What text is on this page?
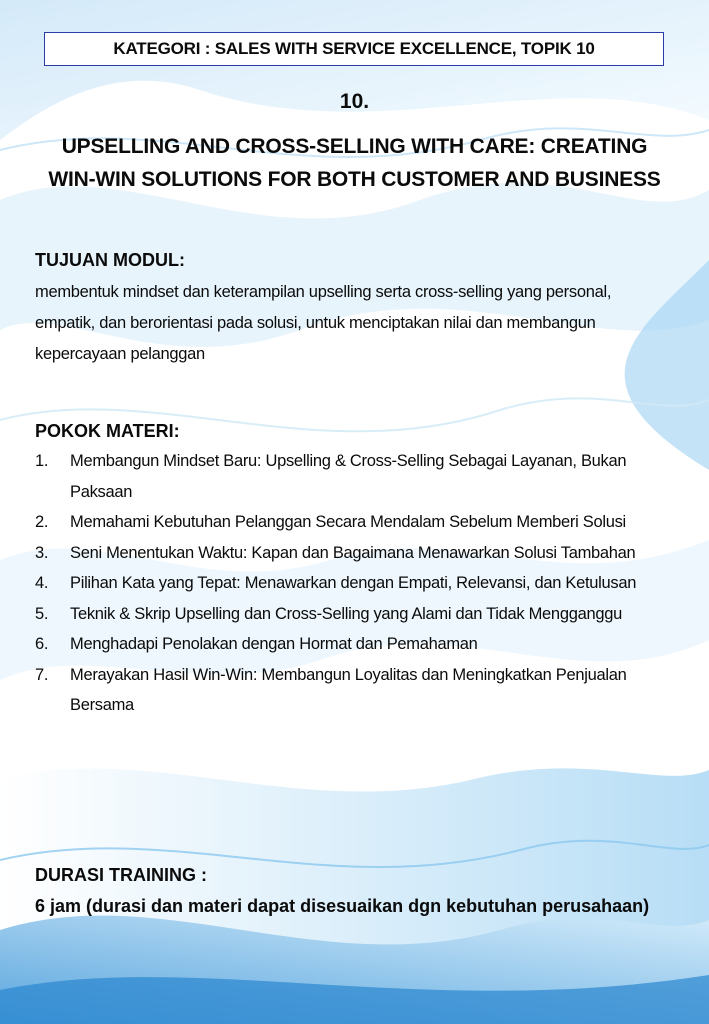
KATEGORI : SALES WITH SERVICE EXCELLENCE, TOPIK 10
10.
UPSELLING AND CROSS-SELLING WITH CARE: CREATING WIN-WIN SOLUTIONS FOR BOTH CUSTOMER AND BUSINESS
TUJUAN MODUL:
membentuk mindset dan keterampilan upselling serta cross-selling yang personal, empatik, dan berorientasi pada solusi, untuk menciptakan nilai dan membangun kepercayaan pelanggan
POKOK MATERI:
1.	Membangun Mindset Baru: Upselling & Cross-Selling Sebagai Layanan, Bukan Paksaan
2.	Memahami Kebutuhan Pelanggan Secara Mendalam Sebelum Memberi Solusi
3.	Seni Menentukan Waktu: Kapan dan Bagaimana Menawarkan Solusi Tambahan
4.	Pilihan Kata yang Tepat: Menawarkan dengan Empati, Relevansi, dan Ketulusan
5.	Teknik & Skrip Upselling dan Cross-Selling yang Alami dan Tidak Mengganggu
6.	Menghadapi Penolakan dengan Hormat dan Pemahaman
7.	Merayakan Hasil Win-Win: Membangun Loyalitas dan Meningkatkan Penjualan Bersama
DURASI TRAINING :
6 jam (durasi dan materi dapat disesuaikan dgn kebutuhan perusahaan)
